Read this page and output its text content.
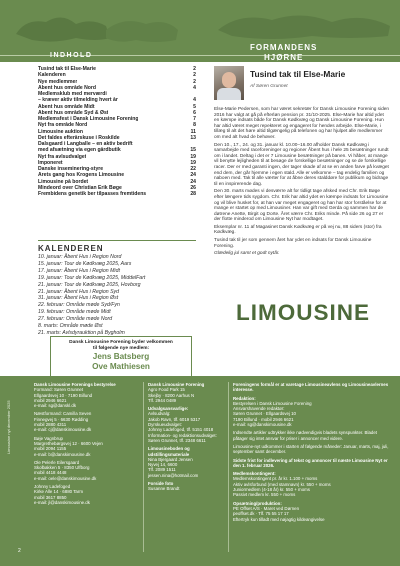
INDHOLD
FORMANDENS
HJØRNE
Tusind tak til Else-Marie	2
Kalenderen	2
Nye medlemmer	2
Åbent hus område Nord	4
Medlemsklub med merværdi
– kræver aktiv tilmelding hvert år	4
Åbent hus område Midt	5
Åbent hus område Syd & Øst	6
Medlemsfest i Dansk Limousine Forening	7
Nyt fra område Nord	8
Limousine auktion	11
Det faldes efterårskuse i Roskilde	13
Dalsgaard i Langballe – en aktiv bedrift
med afsætning via egen gårdbutik	15
Nyt fra avlsudvalget	19
Imponeret	19
Danske inseminering-styre	22
Årets gang hos Krogens Limousine	24
Limousine på bordet	24
Mindeord over Christian Erik Bøge	26
Frembidens genetik ber tilpasses fremtidens	28
KALENDEREN
10. januar: Åbent Hus i Region Nord
15. januar: Tour de Kødkvæg 2025, Aars
17. januar: Åbent Hus i Region Midt
19. januar: Tour de Kødkvæg 2025, MiddelFart
21. januar: Tour de Kødkvæg 2025, Hovborg
21. januar: Åbent Hus i Region Syd
31. januar: Åbent Hus i Region Øst
22. februar: Område møde Syd/Fyn
19. februar: Område møde Midt
27. februar: Område møde Nord
8. marts: Område møde Øst
21. marts: Avlsdyrauktion på Bygholm
Dansk Limousine Forening byder velkommen
til følgende nye medlem:
Jens Batsberg
Ove Mathiesen
Tusind tak til Else-Marie
Af Søren Grunnet

Else-Marie Pedersen, som har været sekretær for Dansk Limousine Forening siden 2016 har valgt at gå på efterløn pension pr. 31/10-2025. Else-Marie har altid ydet en kæmpe indsats både for Dansk Kødkvæg og Dansk Limousine Forening. Hun har altid været meget repekteret og engageret for hendes arbejde. Else-Marie, i tillæg til alt det høre altid tilgængelig på telefonen og har hjulpet alle medlemmer om med alt hvad de behøver.

Den 10., 17., 24. og 31. januar kl. 10.00–16.00 afholder Dansk Kødkvæg i samarbejde med raceforeninger og regioner Åbent hus i hele 25 besætninger rundt om i landet. Deltag i det er 7 Limousine besætninger på banen. Vi håber, at mange vil benytte lejligheden til at besøge de forskellige besætninger og se de forskellige racer. Der er med garanti ingen, der tager skade af at se en anden farve på kvæget end dem, der går hjemme i egen stald. Alle er velkomne – tag endelig familien og naboen med. Tak til alle værter for at åbne deres stalddøre for publikum og bidrage til en inspirerende dag.

Den 30. marts mødes vi desværre alt for tidligt tage afsked med Chr. Erik Bøge efter længere tids sygdom. Chr. Erik har altid ydet en kæmpe indsats for Limousine og vil blive husket for, at han var meget engageret og han har stor forståelse for at mange er startet op med Limousiner. Han var gift med Gerda og sammen har de døtrene Anette, Birgit og Dorte. Året værre Chr. Eriks minde. På side 26 og 27 er der flotte minderod om Limousine Nyt har modtaget.

Eksemplar nr. 11 af Magasinet Dansk Kødkvæg er på vej nu, 88 siders (stor) fra Kødkvæg.

Tusind tak til jer som gennem året har ydet en indsats for Dansk Limousine Forening.

Glædelig jul samt et godt nytår.

LIMOUSINE
Limousine nyt december 2025

Dansk Limousine Forenings bestyrelse
Formand: Søren Grunnet
Ellgaardsvej 10 · 7190 Billund
mobil 2946 6621
e-mail: sg@danskl.dk

Næstformand: Camilla Seven
Finnegvej 5 · 6630 Rødding
mobil 2880 4311
e-mail: cj@danskimousine.dk

Bøje Vagnbrup
Margrethebørgsvej 12 · 6600 Vejen
mobil 2094 1155
e-mail: b@danskimousine.dk

Ole Pelerle Eilersgaard
Skolbakken 5 · 8350 Ulfborg
mobil 4418 4448
e-mail: oele@danskimousine.dk

Johnny Ladefoged
Kirke Alle 14 · 6880 Tarm
mobil 3617 8850
e-mail: jl@danskimousine.dk

Dansk Limousine Forening
Agro Food Park 15
Skejby · 8200 Aarhus N
Tlf. 2944 0489

Udvalgsansvarlige:
Avlsudvalg:
Jakob Ravn, tlf. 6019 5317
Dyrskueudvalget:
Johnny Ladefoged, tlf. 5151 4018
Information- og redaktionsudvalget:
Søren Grunnet, tlf. 2348 6611

Limousineboden og udstillingsmateriale
Nina Bjergaard Jensen
Nyvej 14, 6600
Tlf. 2089 1511
jessen.nina@hotmail.com

Forside foto
Susanne Brandt

Foreningens formål er at varetage Limousineavlens og Limousineavlernes interesse.

Redaktion:
Bestyrelsen i Dansk Limousine Forening
Ansvarshavende redaktør:
Søren Grunnet · Ellgaardsvej 10
7190 Billund · mobil 2946 6621
e-mail: sg@danskimousine.dk

Indsendte artikler udtrykker ikke nødvendigvis bladets synspunkter. Bladet påtager sig intet ansvar for priser i annoncer med videre.

Limousine-nyt udkommer i starten af følgende måneder: Januar, marts, maj, juli, september samt december.

Sidste frist for indlevering af tekst og annoncer til næste Limousine Nyt er den 1. februar 2026.

Medlemskontingent:
Medlemskontingent pr. år kr. 1.100 + moms
Aktiv avlsforbund (med stamnavn) kr. 550 + moms
Juniormedlem (4-18 år) kr. 550 + moms
Passivt medlem kr. 550 + moms

Opsætning/produktion:
PE Offset A/S · Maret ved Dørnen
peoffset.dk · Tlf. 75 55 17 17
Eftertryk kun tilladt med nøjagtig kildeangivelse

2
